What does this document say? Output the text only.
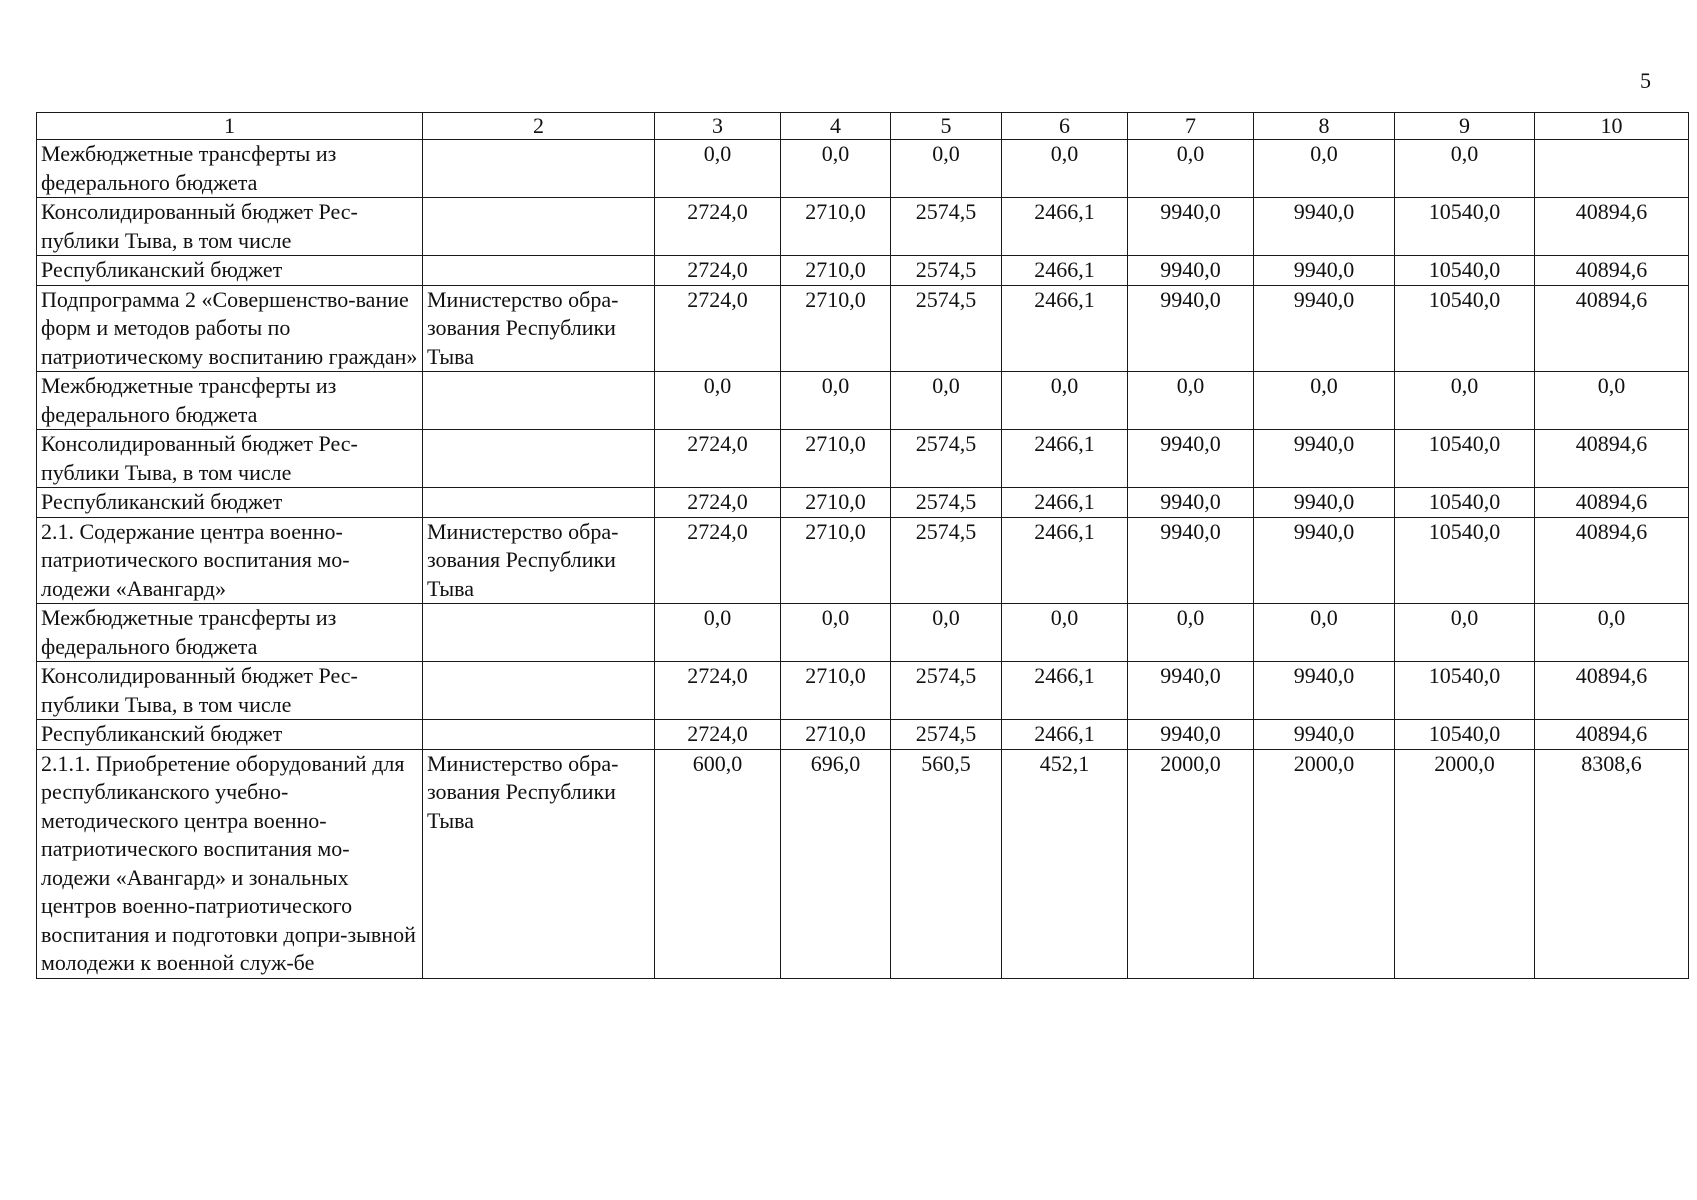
5
1	2	3	4	5	6	7	8	9	10
Межбюджетные трансферты из федерального бюджета		0,0	0,0	0,0	0,0	0,0	0,0	0,0	
Консолидированный бюджет Рес-публики Тыва, в том числе		2724,0	2710,0	2574,5	2466,1	9940,0	9940,0	10540,0	40894,6
Республиканский бюджет		2724,0	2710,0	2574,5	2466,1	9940,0	9940,0	10540,0	40894,6
Подпрограмма 2 «Совершенство-вание форм и методов работы по патриотическому воспитанию граждан»	Министерство обра-зования Республики Тыва	2724,0	2710,0	2574,5	2466,1	9940,0	9940,0	10540,0	40894,6
Межбюджетные трансферты из федерального бюджета		0,0	0,0	0,0	0,0	0,0	0,0	0,0	0,0
Консолидированный бюджет Рес-публики Тыва, в том числе		2724,0	2710,0	2574,5	2466,1	9940,0	9940,0	10540,0	40894,6
Республиканский бюджет		2724,0	2710,0	2574,5	2466,1	9940,0	9940,0	10540,0	40894,6
2.1. Содержание центра военно-патриотического воспитания мо-лодежи «Авангард»	Министерство обра-зования Республики Тыва	2724,0	2710,0	2574,5	2466,1	9940,0	9940,0	10540,0	40894,6
Межбюджетные трансферты из федерального бюджета		0,0	0,0	0,0	0,0	0,0	0,0	0,0	0,0
Консолидированный бюджет Рес-публики Тыва, в том числе		2724,0	2710,0	2574,5	2466,1	9940,0	9940,0	10540,0	40894,6
Республиканский бюджет		2724,0	2710,0	2574,5	2466,1	9940,0	9940,0	10540,0	40894,6
2.1.1. Приобретение оборудований для республиканского учебно-методического центра военно-патриотического воспитания мо-лодежи «Авангард» и зональных центров военно-патриотического воспитания и подготовки допри-зывной молодежи к военной служ-бе	Министерство обра-зования Республики Тыва	600,0	696,0	560,5	452,1	2000,0	2000,0	2000,0	8308,6
